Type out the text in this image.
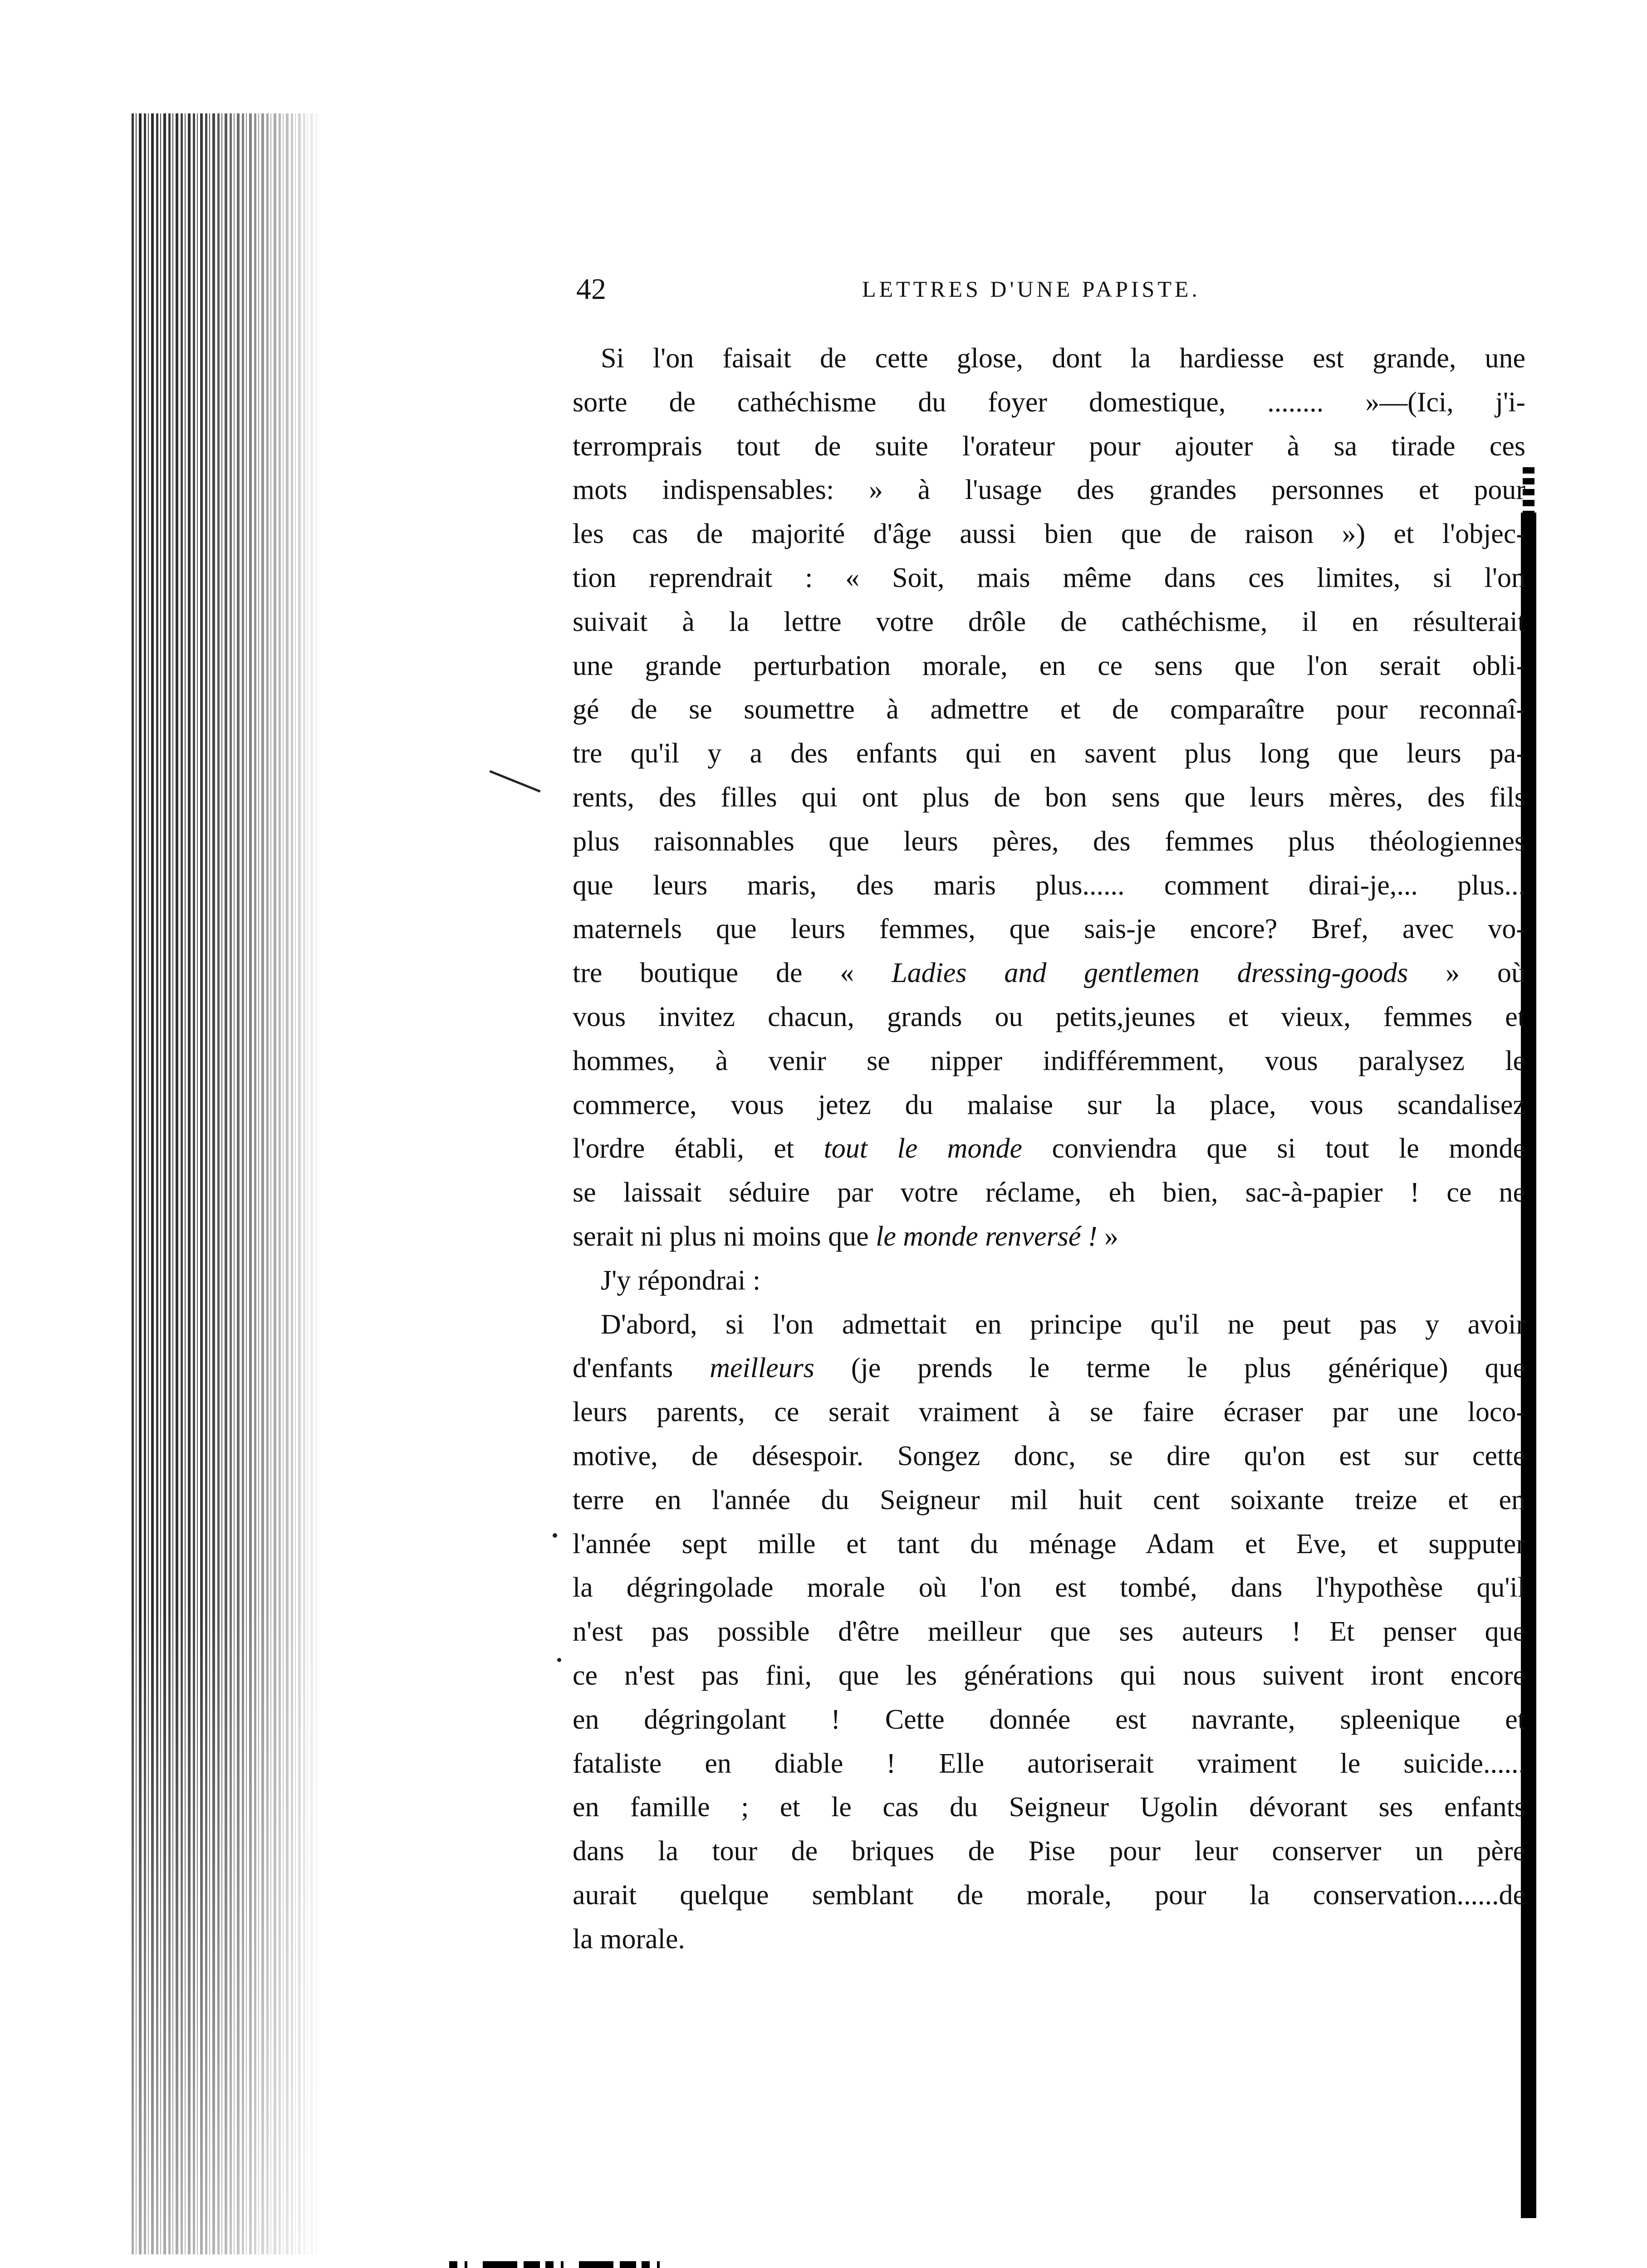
42	LETTRES D'UNE PAPISTE.
Si l'on faisait de cette glose, dont la hardiesse est grande, une
sorte de cathéchisme du foyer domestique, ........ »—(Ici, j'i-
terromprais tout de suite l'orateur pour ajouter à sa tirade ces
mots indispensables: » à l'usage des grandes personnes et pour
les cas de majorité d'âge aussi bien que de raison ») et l'objec-
tion reprendrait : « Soit, mais même dans ces limites, si l'on
suivait à la lettre votre drôle de cathéchisme, il en résulterait
une grande perturbation morale, en ce sens que l'on serait obli-
gé de se soumettre à admettre et de comparaître pour reconnaî-
tre qu'il y a des enfants qui en savent plus long que leurs pa-
rents, des filles qui ont plus de bon sens que leurs mères, des fils
plus raisonnables que leurs pères, des femmes plus théologiennes
que leurs maris, des maris plus...... comment dirai-je,... plus...
maternels que leurs femmes, que sais-je encore? Bref, avec vo-
tre boutique de « Ladies and gentlemen dressing-goods » où
vous invitez chacun, grands ou petits,jeunes et vieux, femmes et
hommes, à venir se nipper indifféremment, vous paralysez le
commerce, vous jetez du malaise sur la place, vous scandalisez
l'ordre établi, et tout le monde conviendra que si tout le monde
se laissait séduire par votre réclame, eh bien, sac-à-papier ! ce ne
serait ni plus ni moins que le monde renversé ! »
J'y répondrai :
D'abord, si l'on admettait en principe qu'il ne peut pas y avoir
d'enfants meilleurs (je prends le terme le plus générique) que
leurs parents, ce serait vraiment à se faire écraser par une loco-
motive, de désespoir. Songez donc, se dire qu'on est sur cette
terre en l'année du Seigneur mil huit cent soixante treize et en
l'année sept mille et tant du ménage Adam et Eve, et supputer
la dégringolade morale où l'on est tombé, dans l'hypothèse qu'il
n'est pas possible d'être meilleur que ses auteurs ! Et penser que
ce n'est pas fini, que les générations qui nous suivent iront encore
en dégringolant ! Cette donnée est navrante, spleenique et
fataliste en diable ! Elle autoriserait vraiment le suicide......
en famille ; et le cas du Seigneur Ugolin dévorant ses enfants
dans la tour de briques de Pise pour leur conserver un père
aurait quelque semblant de morale, pour la conservation......de
la morale.
